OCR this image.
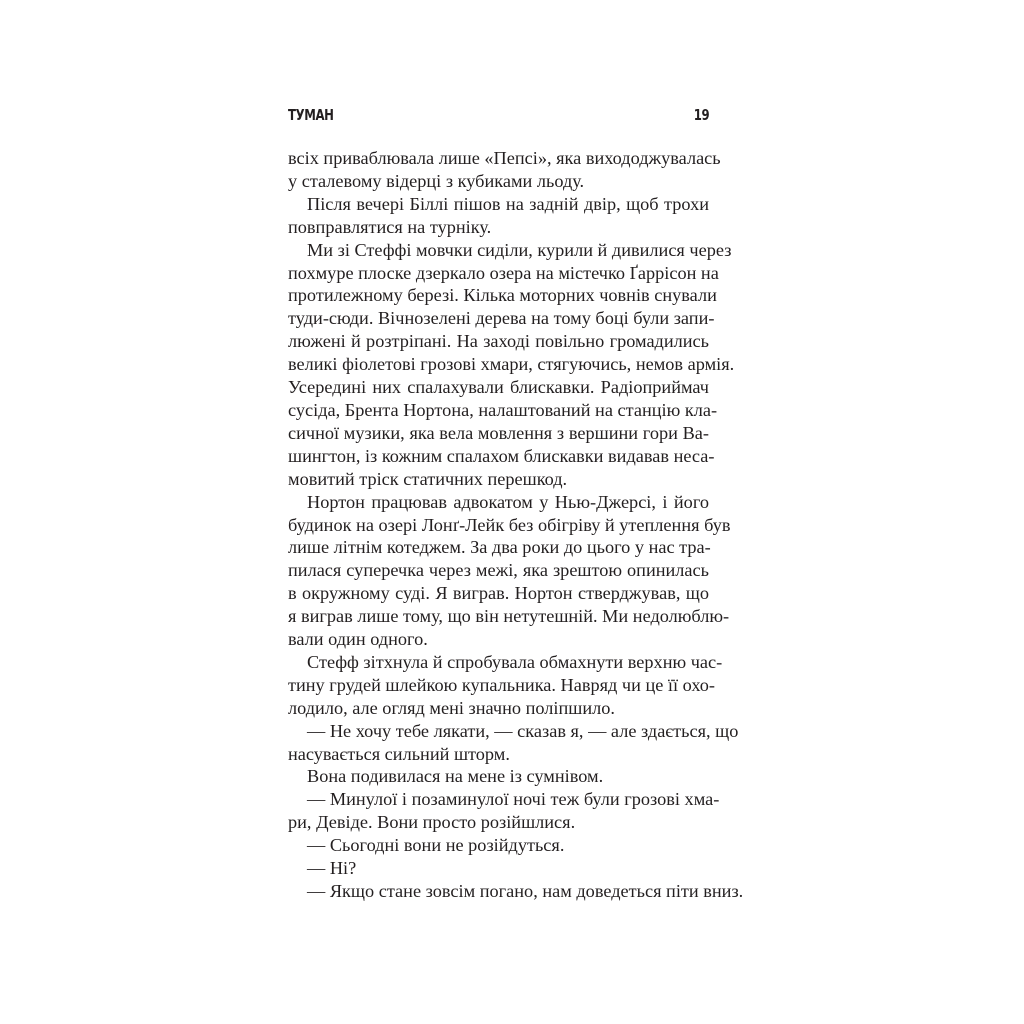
ТУМАН	19
всіх приваблювала лише «Пепсі», яка вихододжувалась
у сталевому відерці з кубиками льоду.
Після вечері Біллі пішов на задній двір, щоб трохи
повправлятися на турніку.
Ми зі Стеффі мовчки сиділи, курили й дивилися через
похмуре плоске дзеркало озера на містечко Ґаррісон на
протилежному березі. Кілька моторних човнів снували
туди-сюди. Вічнозелені дерева на тому боці були запи-
люжені й розтріпані. На заході повільно громадились
великі фіолетові грозові хмари, стягуючись, немов армія.
Усередині них спалахували блискавки. Радіоприймач
сусіда, Брента Нортона, налаштований на станцію кла-
сичної музики, яка вела мовлення з вершини гори Ва-
шингтон, із кожним спалахом блискавки видавав неса-
мовитий тріск статичних перешкод.
Нортон працював адвокатом у Нью-Джерсі, і його
будинок на озері Лонґ-Лейк без обігріву й утеплення був
лише літнім котеджем. За два роки до цього у нас тра-
пилася суперечка через межі, яка зрештою опинилась
в окружному суді. Я виграв. Нортон стверджував, що
я виграв лише тому, що він нетутешній. Ми недолюблю-
вали один одного.
Стефф зітхнула й спробувала обмахнути верхню час-
тину грудей шлейкою купальника. Навряд чи це її охо-
лодило, але огляд мені значно поліпшило.
— Не хочу тебе лякати, — сказав я, — але здається, що
насувається сильний шторм.
Вона подивилася на мене із сумнівом.
— Минулої і позаминулої ночі теж були грозові хма-
ри, Девіде. Вони просто розійшлися.
— Сьогодні вони не розійдуться.
— Ні?
— Якщо стане зовсім погано, нам доведеться піти вниз.
